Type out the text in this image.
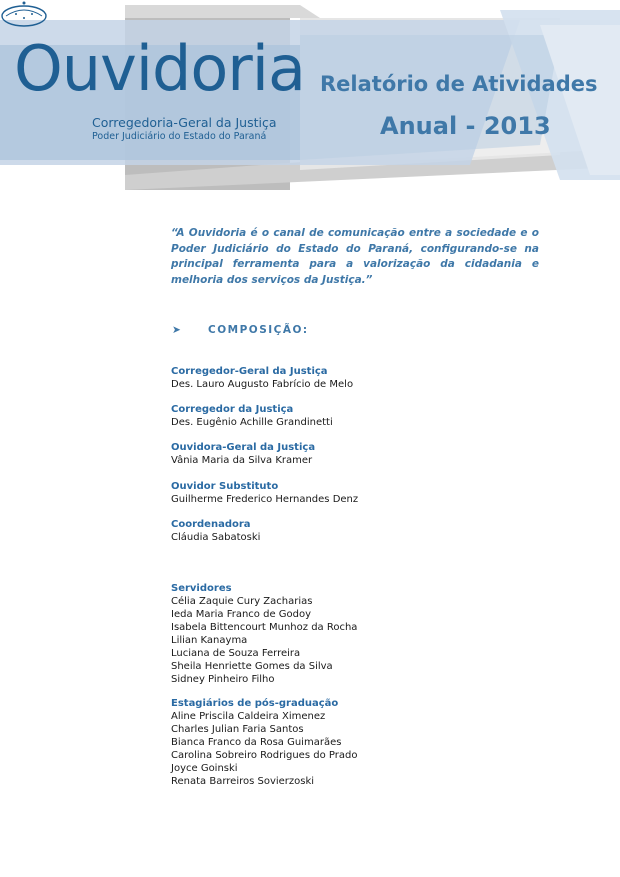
Ouvidoria
Corregedoria-Geral da Justiça
Poder Judiciário do Estado do Paraná
Relatório de Atividades
Anual - 2013
“A Ouvidoria é o canal de comunicação entre a sociedade e o Poder Judiciário do Estado do Paraná, configurando-se na principal ferramenta para a valorização da cidadania e melhoria dos serviços da Justiça.”
➤ COMPOSIÇÃO:
Corregedor-Geral da Justiça
Des. Lauro Augusto Fabrício de Melo
Corregedor da Justiça
Des. Eugênio Achille Grandinetti
Ouvidora-Geral da Justiça
Vânia Maria da Silva Kramer
Ouvidor Substituto
Guilherme Frederico Hernandes Denz
Coordenadora
Cláudia Sabatoski
Servidores
Célia Zaquie Cury Zacharias
Ieda Maria Franco de Godoy
Isabela Bittencourt Munhoz da Rocha
Lilian Kanayma
Luciana de Souza Ferreira
Sheila Henriette Gomes da Silva
Sidney Pinheiro Filho
Estagiários de pós-graduação
Aline Priscila Caldeira Ximenez
Charles Julian Faria Santos
Bianca Franco da Rosa Guimarães
Carolina Sobreiro Rodrigues do Prado
Joyce Goinski
Renata Barreiros Sovierzoski
